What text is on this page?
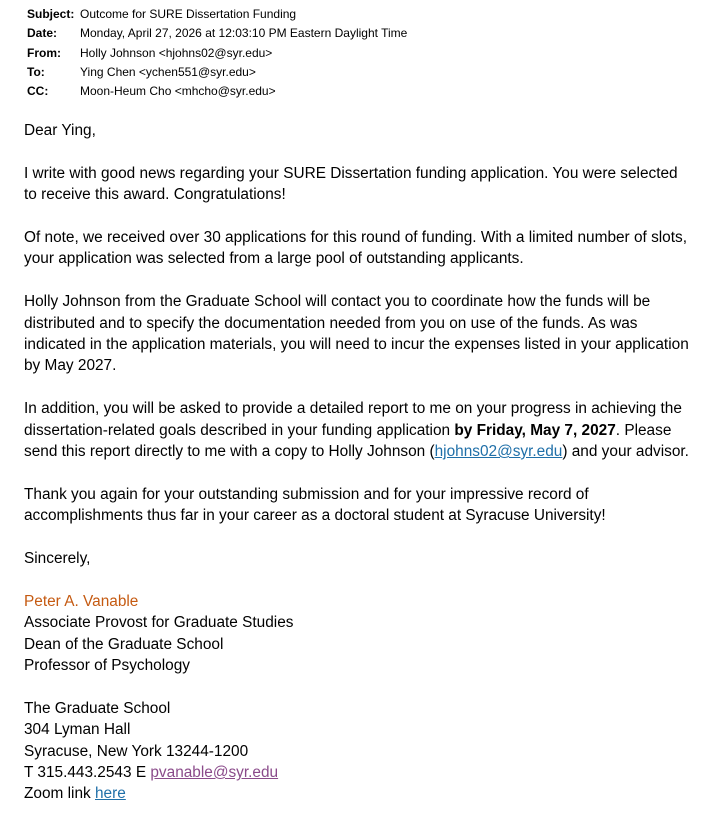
Subject: Outcome for SURE Dissertation Funding
Date:	Monday, April 27, 2026 at 12:03:10 PM Eastern Daylight Time
From:	Holly Johnson <hjohns02@syr.edu>
To:	Ying Chen <ychen551@syr.edu>
CC:	Moon-Heum Cho <mhcho@syr.edu>

Dear Ying,

I write with good news regarding your SURE Dissertation funding application. You were selected to receive this award. Congratulations!

Of note, we received over 30 applications for this round of funding. With a limited number of slots, your application was selected from a large pool of outstanding applicants.

Holly Johnson from the Graduate School will contact you to coordinate how the funds will be distributed and to specify the documentation needed from you on use of the funds. As was indicated in the application materials, you will need to incur the expenses listed in your application by May 2027.

In addition, you will be asked to provide a detailed report to me on your progress in achieving the dissertation-related goals described in your funding application by Friday, May 7, 2027. Please send this report directly to me with a copy to Holly Johnson (hjohns02@syr.edu) and your advisor.

Thank you again for your outstanding submission and for your impressive record of accomplishments thus far in your career as a doctoral student at Syracuse University!

Sincerely,

Peter A. Vanable
Associate Provost for Graduate Studies
Dean of the Graduate School
Professor of Psychology

The Graduate School
304 Lyman Hall
Syracuse, New York 13244-1200
T 315.443.2543 E pvanable@syr.edu
Zoom link here
